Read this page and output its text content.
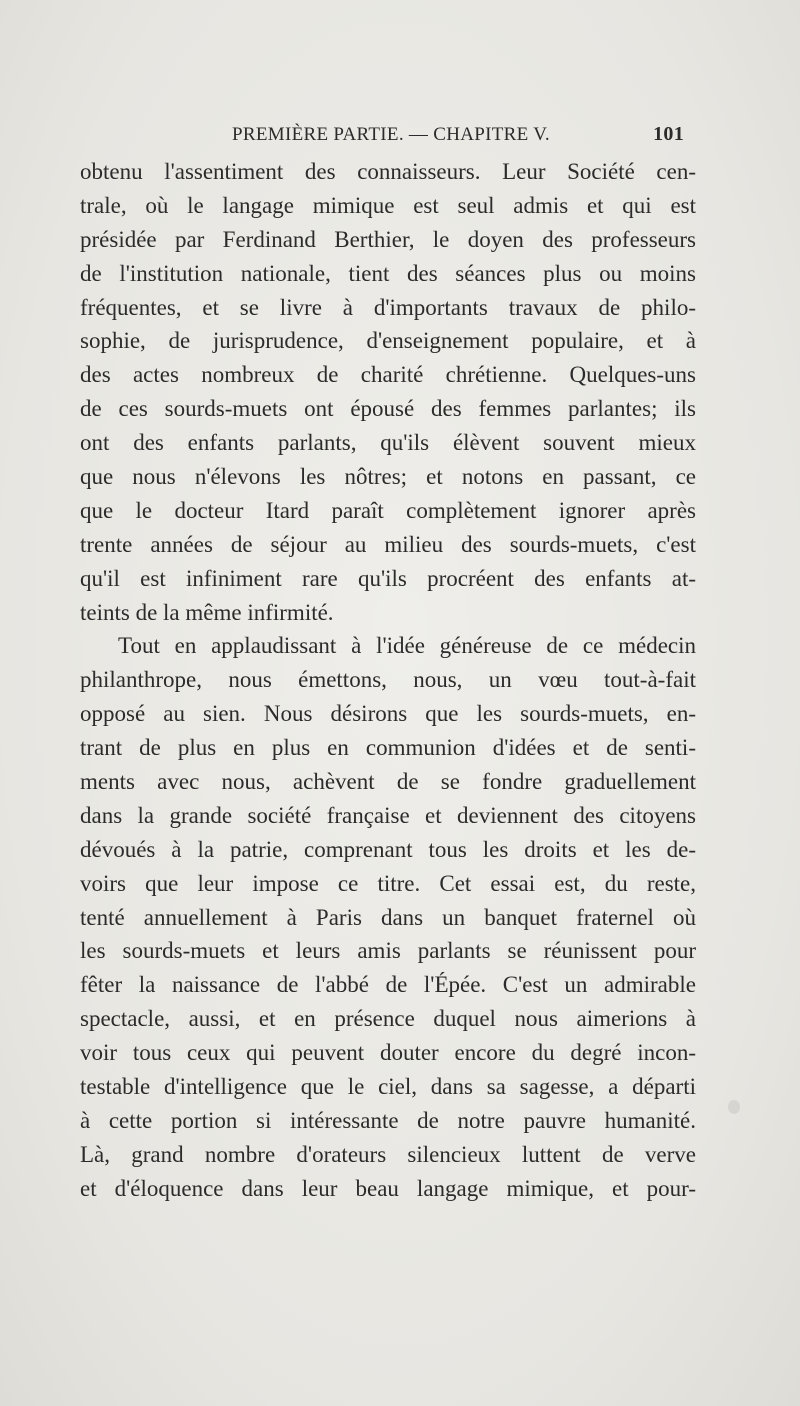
PREMIÈRE PARTIE. — CHAPITRE V.	101
obtenu l'assentiment des connaisseurs. Leur Société cen-
trale, où le langage mimique est seul admis et qui est
présidée par Ferdinand Berthier, le doyen des professeurs
de l'institution nationale, tient des séances plus ou moins
fréquentes, et se livre à d'importants travaux de philo-
sophie, de jurisprudence, d'enseignement populaire, et à
des actes nombreux de charité chrétienne. Quelques-uns
de ces sourds-muets ont épousé des femmes parlantes; ils
ont des enfants parlants, qu'ils élèvent souvent mieux
que nous n'élevons les nôtres; et notons en passant, ce
que le docteur Itard paraît complètement ignorer après
trente années de séjour au milieu des sourds-muets, c'est
qu'il est infiniment rare qu'ils procréent des enfants at-
teints de la même infirmité.
Tout en applaudissant à l'idée généreuse de ce médecin
philanthrope, nous émettons, nous, un vœu tout-à-fait
opposé au sien. Nous désirons que les sourds-muets, en-
trant de plus en plus en communion d'idées et de senti-
ments avec nous, achèvent de se fondre graduellement
dans la grande société française et deviennent des citoyens
dévoués à la patrie, comprenant tous les droits et les de-
voirs que leur impose ce titre. Cet essai est, du reste,
tenté annuellement à Paris dans un banquet fraternel où
les sourds-muets et leurs amis parlants se réunissent pour
fêter la naissance de l'abbé de l'Épée. C'est un admirable
spectacle, aussi, et en présence duquel nous aimerions à
voir tous ceux qui peuvent douter encore du degré incon-
testable d'intelligence que le ciel, dans sa sagesse, a départi
à cette portion si intéressante de notre pauvre humanité.
Là, grand nombre d'orateurs silencieux luttent de verve
et d'éloquence dans leur beau langage mimique, et pour-
